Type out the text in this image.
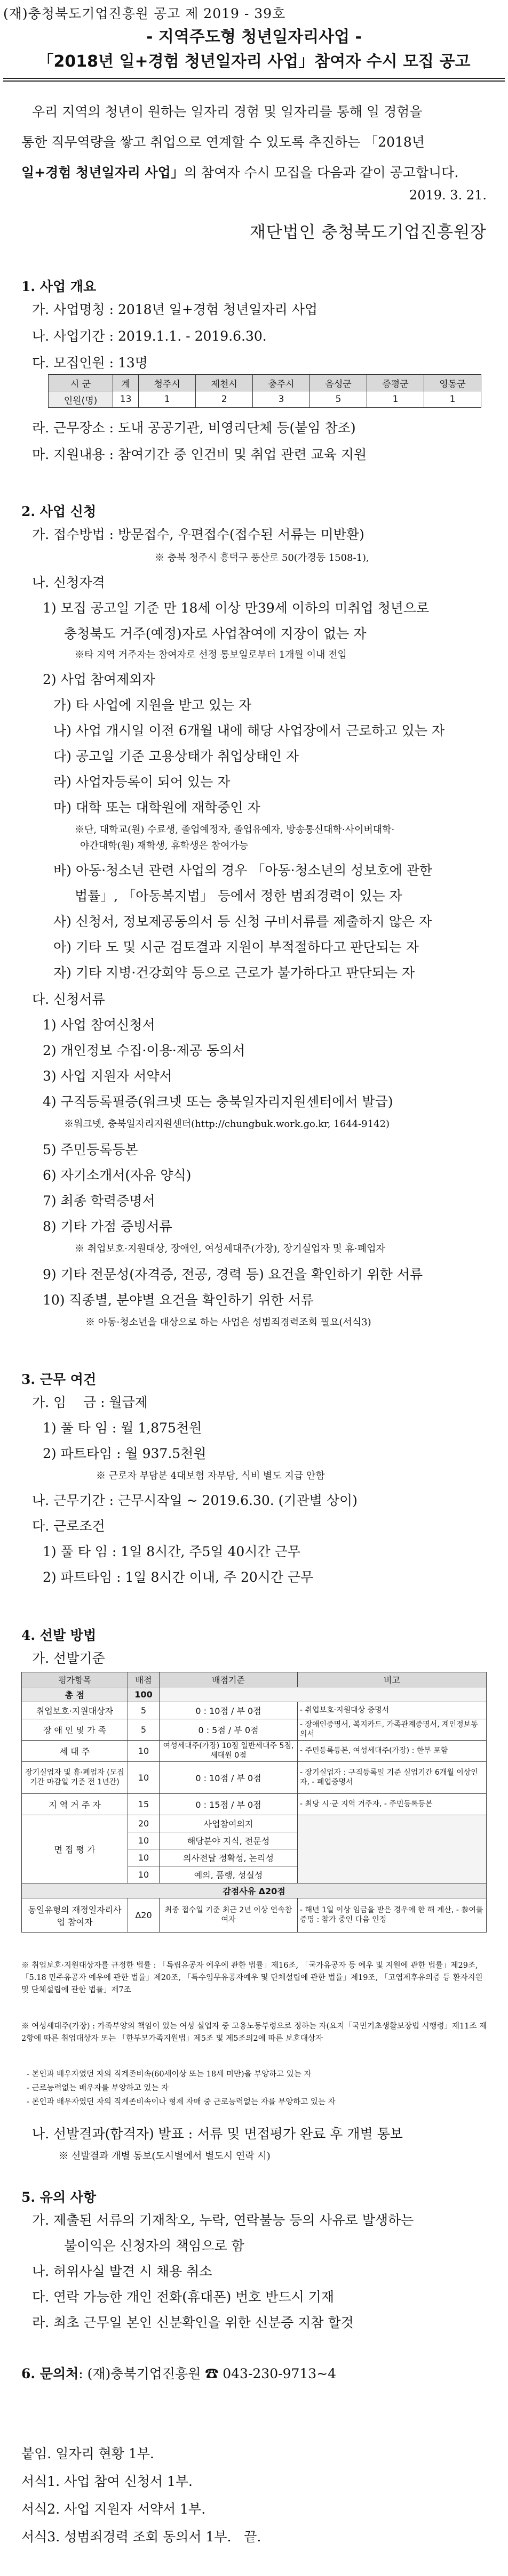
(재)충청북도기업진흥원 공고 제 2019 - 39호
- 지역주도형 청년일자리사업 -
「2018년 일+경험 청년일자리 사업」참여자 수시 모집 공고
우리 지역의 청년이 원하는 일자리 경험 및 일자리를 통해 일 경험을
통한 직무역량을 쌓고 취업으로 연계할 수 있도록 추진하는 「2018년
일+경험 청년일자리 사업」의 참여자 수시 모집을 다음과 같이 공고합니다.
2019. 3. 21.
재단법인 충청북도기업진흥원장
1. 사업 개요
가. 사업명칭 : 2018년 일+경험 청년일자리 사업
나. 사업기간 : 2019.1.1. - 2019.6.30.
다. 모집인원 : 13명
시 군	계	청주시	제천시	충주시	음성군	증평군	영동군
인원(명)	13	1	2	3	5	1	1
라. 근무장소 : 도내 공공기관, 비영리단체 등(붙임 참조)
마. 지원내용 : 참여기간 중 인건비 및 취업 관련 교육 지원
2. 사업 신청
가. 접수방법 : 방문접수, 우편접수(접수된 서류는 미반환)
※ 충북 청주시 흥덕구 풍산로 50(가경동 1508-1),
나. 신청자격
1) 모집 공고일 기준 만 18세 이상 만39세 이하의 미취업 청년으로
충청북도 거주(예정)자로 사업참여에 지장이 없는 자
※타 지역 거주자는 참여자로 선정 통보일로부터 1개월 이내 전입
2) 사업 참여제외자
가) 타 사업에 지원을 받고 있는 자
나) 사업 개시일 이전 6개월 내에 해당 사업장에서 근로하고 있는 자
다) 공고일 기준 고용상태가 취업상태인 자
라) 사업자등록이 되어 있는 자
마) 대학 또는 대학원에 재학중인 자
※단, 대학교(원) 수료생, 졸업예정자, 졸업유예자, 방송통신대학·사이버대학·
야간대학(원) 재학생, 휴학생은 참여가능
바) 아동·청소년 관련 사업의 경우 「아동·청소년의 성보호에 관한
법률」, 「아동복지법」 등에서 정한 범죄경력이 있는 자
사) 신청서, 정보제공동의서 등 신청 구비서류를 제출하지 않은 자
아) 기타 도 및 시군 검토결과 지원이 부적절하다고 판단되는 자
자) 기타 지병·건강회약 등으로 근로가 불가하다고 판단되는 자
다. 신청서류
1) 사업 참여신청서
2) 개인정보 수집·이용·제공 동의서
3) 사업 지원자 서약서
4) 구직등록필증(워크넷 또는 충북일자리지원센터에서 발급)
※워크넷, 충북일자리지원센터(http://chungbuk.work.go.kr, 1644-9142)
5) 주민등록등본
6) 자기소개서(자유 양식)
7) 최종 학력증명서
8) 기타 가점 증빙서류
※ 취업보호·지원대상, 장애인, 여성세대주(가장), 장기실업자 및 휴·폐업자
9) 기타 전문성(자격증, 전공, 경력 등) 요건을 확인하기 위한 서류
10) 직종별, 분야별 요건을 확인하기 위한 서류
※ 아동·청소년을 대상으로 하는 사업은 성범죄경력조회 필요(서식3)
3. 근무 여건
가. 임    금 : 월급제
1) 풀 타 임 : 월 1,875천원
2) 파트타임 : 월 937.5천원
※ 근로자 부담분 4대보험 자부담, 식비 별도 지급 안함
나. 근무기간 : 근무시작일 ~ 2019.6.30. (기관별 상이)
다. 근로조건
1) 풀 타 임 : 1일 8시간, 주5일 40시간 근무
2) 파트타임 : 1일 8시간 이내, 주 20시간 근무
4. 선발 방법
가. 선발기준
평가항목	배점	배점기준	비고
총 점	100		
취업보호·지원대상자	5	0 : 10점 / 부 0점	- 취업보호·지원대상 증명서
장 애 인 및 가 족	5	0 : 5점 / 부 0점	- 장애인증명서, 복지카드, 가족관계증명서, 계인정보동의서
세 대 주	10	여성세대주(가장) 10점 일반세대주 5점, 세대원 0점	- 주민등록등본, 여성세대주(가장) : 한부 포함
장기실업자 및 휴·폐업자 (모집기간 마감일 기준 전 1년간)	10	0 : 10점 / 부 0점	- 장기실업자 : 구직등록일 기준 실업기간 6개월 이상인 자, - 폐업증명서
지 역 거 주 자	15	0 : 15점 / 부 0점	- 최당 시·군 지역 거주자, - 주민등록등본
면 접 평 가	20	사업참여의지	
	10	해당분야 지식, 전문성	
	10	의사전달 정확성, 논리성	
	10	예의, 품행, 성실성	
감점사유 Δ20점			
동일유형의 재정일자리사업 참여자	Δ20	최종 접수일 기준 최근 2년 이상 연속참여자	- 해년 1일 이상 임금을 받은 경우에 한 해 계산, - 参여를 증명 : 참가 중인 다음 인정
※ 취업보호·지원대상자를 규정한 법률 : 「독립유공자 예우에 관한 법률」제16조, 「국가유공자 등 예우 및 지원에 관한 법률」제29조, 「5.18 민주유공자 예우에 관한 법률」제20조, 「특수임무유공자예우 및 단체설립에 관한 법률」제19조, 「고엽제후유의증 등 환자지원 및 단체설립에 관한 법률」제7조
※ 여성세대주(가장) : 가족부양의 책임이 있는 여성 실업자 중 고용노동부령으로 정하는 자(요지「국민기초생활보장법 시행령」제11조 제2항에 따른 취업대상자 또는 「한부모가족지원법」제5조 및 제5조의2에 따른 보호대상자
- 본인과 배우자였던 자의 직계존비속(60세이상 또는 18세 미만)을 부양하고 있는 자
- 근로능력없는 배우자를 부양하고 있는 자
- 본인과 배우자였던 자의 직계존비속이나 형제 자매 중 근로능력없는 자를 부양하고 있는 자
나. 선발결과(합격자) 발표 : 서류 및 면접평가 완료 후 개별 통보
※ 선발결과 개별 통보(도시별에서 별도시 연락 시)
5. 유의 사항
가. 제출된 서류의 기재착오, 누락, 연락불능 등의 사유로 발생하는
불이익은 신청자의 책임으로 함
나. 허위사실 발견 시 채용 취소
다. 연락 가능한 개인 전화(휴대폰) 번호 반드시 기재
라. 최초 근무일 본인 신분확인을 위한 신분증 지참 할것
6. 문의처: (재)충북기업진흥원 ☎ 043-230-9713~4
붙임. 일자리 현황 1부.
서식1. 사업 참여 신청서 1부.
서식2. 사업 지원자 서약서 1부.
서식3. 성범죄경력 조회 동의서 1부.   끝.
